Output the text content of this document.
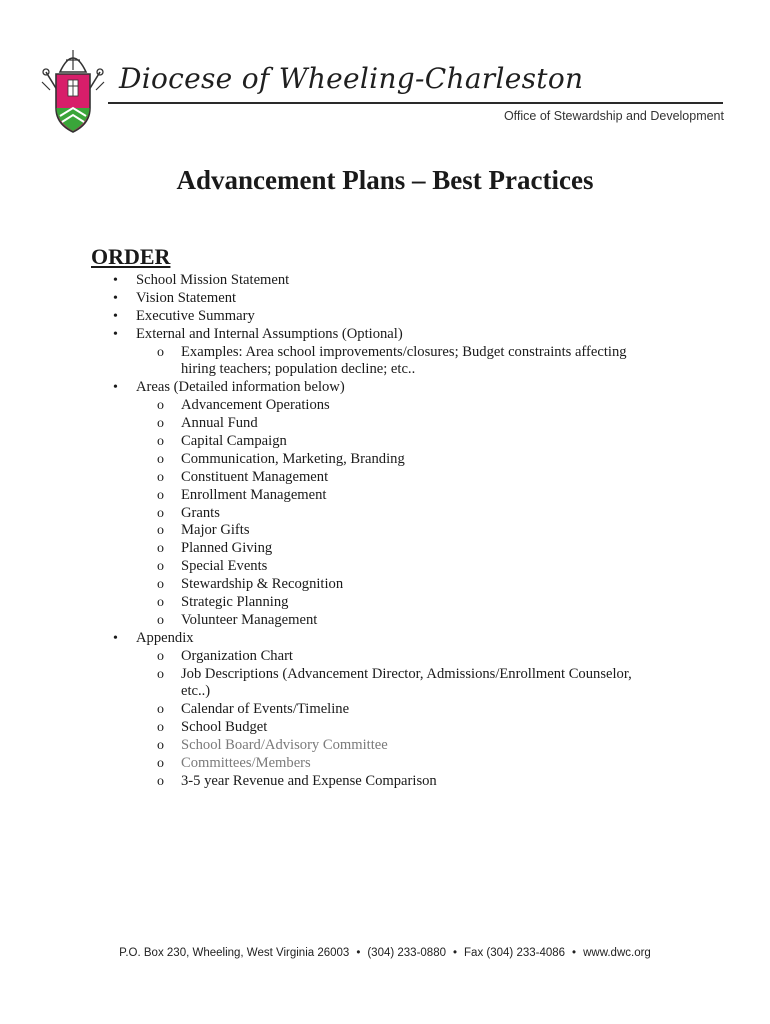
Diocese of Wheeling-Charleston
Office of Stewardship and Development
Advancement Plans – Best Practices
ORDER
• School Mission Statement
• Vision Statement
• Executive Summary
• External and Internal Assumptions (Optional)
o Examples: Area school improvements/closures; Budget constraints affecting
hiring teachers; population decline; etc..
• Areas (Detailed information below)
o Advancement Operations
o Annual Fund
o Capital Campaign
o Communication, Marketing, Branding
o Constituent Management
o Enrollment Management
o Grants
o Major Gifts
o Planned Giving
o Special Events
o Stewardship & Recognition
o Strategic Planning
o Volunteer Management
• Appendix
o Organization Chart
o Job Descriptions (Advancement Director, Admissions/Enrollment Counselor,
etc..)
o Calendar of Events/Timeline
o School Budget
o School Board/Advisory Committee
o Committees/Members
o 3-5 year Revenue and Expense Comparison
P.O. Box 230, Wheeling, West Virginia 26003 • (304) 233-0880 • Fax (304) 233-4086 • www.dwc.org
